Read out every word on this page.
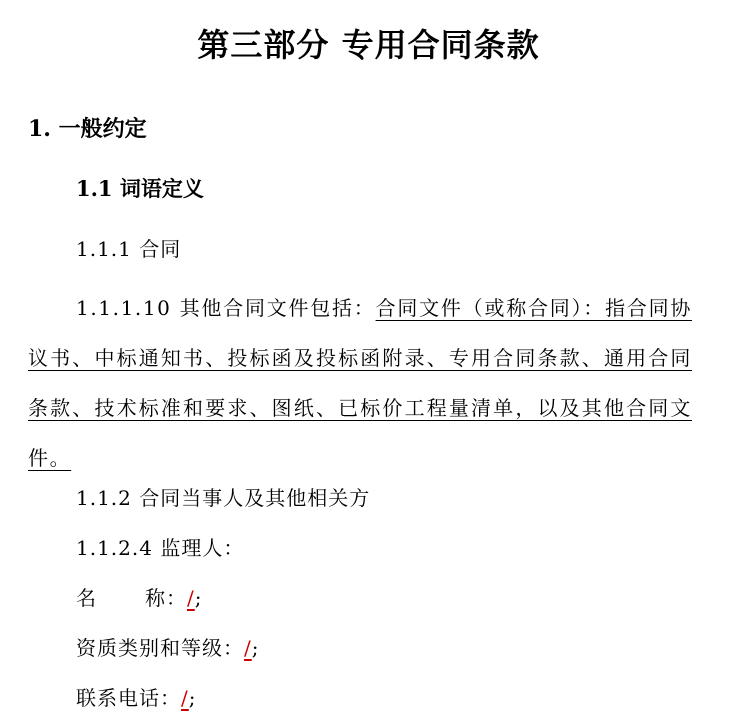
第三部分 专用合同条款
1. 一般约定
1.1 词语定义
1.1.1 合同
1.1.1.10 其他合同文件包括：合同文件（或称合同）：指合同协议书、中标通知书、投标函及投标函附录、专用合同条款、通用合同条款、技术标准和要求、图纸、已标价工程量清单，以及其他合同文件。
1.1.2 合同当事人及其他相关方
1.1.2.4 监理人：
名 称：/;
资质类别和等级：/;
联系电话：/;
